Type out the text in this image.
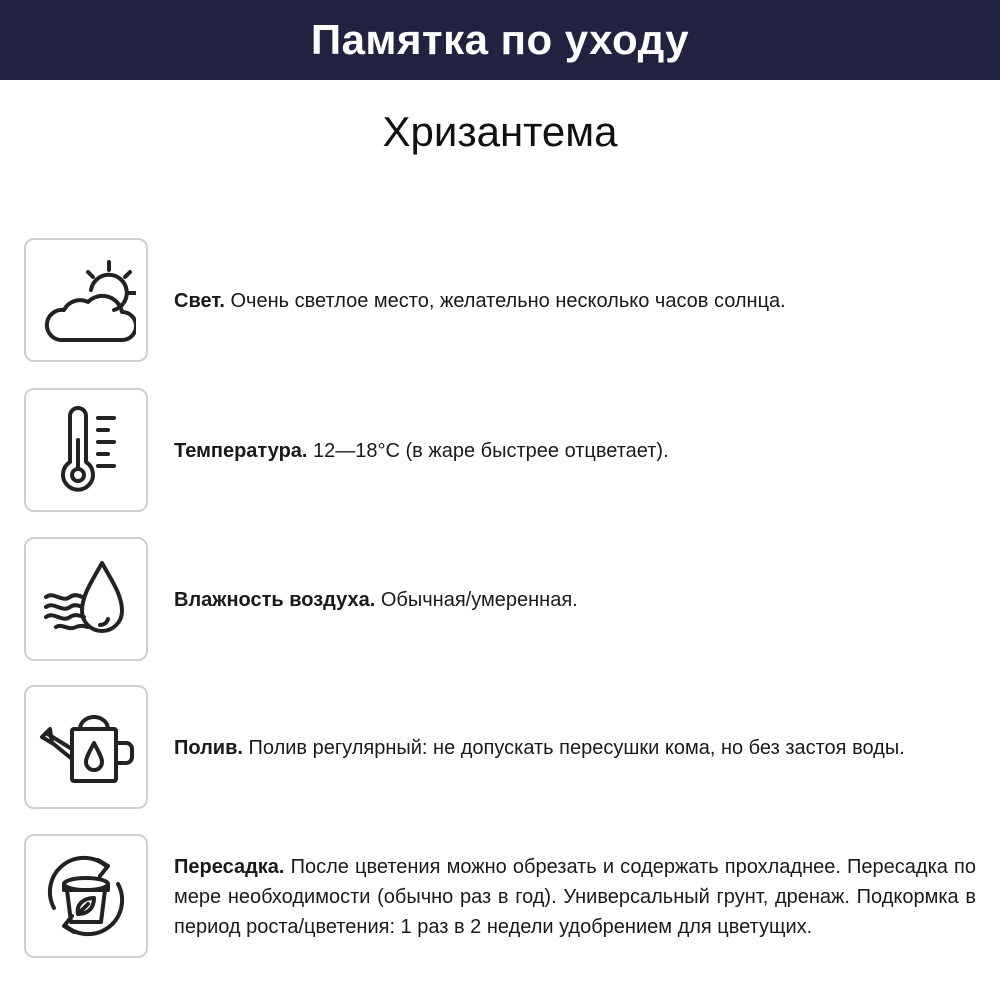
Памятка по уходу
Хризантема
Свет. Очень светлое место, желательно несколько часов солнца.
Температура. 12—18°C (в жаре быстрее отцветает).
Влажность воздуха. Обычная/умеренная.
Полив. Полив регулярный: не допускать пересушки кома, но без застоя воды.
Пересадка. После цветения можно обрезать и содержать прохладнее. Пересадка по мере необходимости (обычно раз в год). Универсальный грунт, дренаж. Подкормка в период роста/цветения: 1 раз в 2 недели удобрением для цветущих.
